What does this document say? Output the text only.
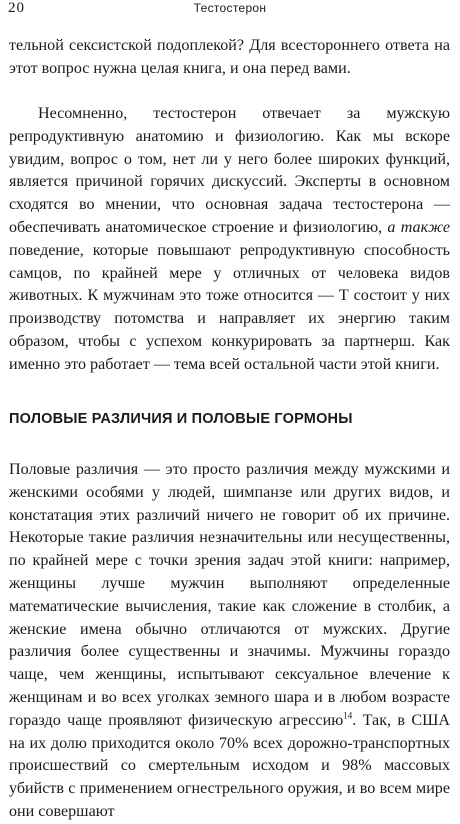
20	Тестостерон

тельной сексистской подоплекой? Для всестороннего ответа на этот вопрос нужна целая книга, и она перед вами.

Несомненно, тестостерон отвечает за мужскую репродуктивную анатомию и физиологию. Как мы вскоре увидим, вопрос о том, нет ли у него более широких функций, является причиной горячих дискуссий. Эксперты в основном сходятся во мнении, что основная задача тестостерона — обеспечивать анатомическое строение и физиологию, а также поведение, которые повышают репродуктивную способность самцов, по крайней мере у отличных от человека видов животных. К мужчинам это тоже относится — Т состоит у них производству потомства и направляет их энергию таким образом, чтобы с успехом конкурировать за партнерш. Как именно это работает — тема всей остальной части этой книги.

ПОЛОВЫЕ РАЗЛИЧИЯ И ПОЛОВЫЕ ГОРМОНЫ

Половые различия — это просто различия между мужскими и женскими особями у людей, шимпанзе или других видов, и констатация этих различий ничего не говорит об их причине. Некоторые такие различия незначительны или несущественны, по крайней мере с точки зрения задач этой книги: например, женщины лучше мужчин выполняют определенные математические вычисления, такие как сложение в столбик, а женские имена обычно отличаются от мужских. Другие различия более существенны и значимы. Мужчины гораздо чаще, чем женщины, испытывают сексуальное влечение к женщинам и во всех уголках земного шара и в любом возрасте гораздо чаще проявляют физическую агрессию$^{14}$. Так, в США на их долю приходится около 70% всех дорожно-транспортных происшествий со смертельным исходом и 98% массовых убийств с применением огнестрельного оружия, и во всем мире они совершают
